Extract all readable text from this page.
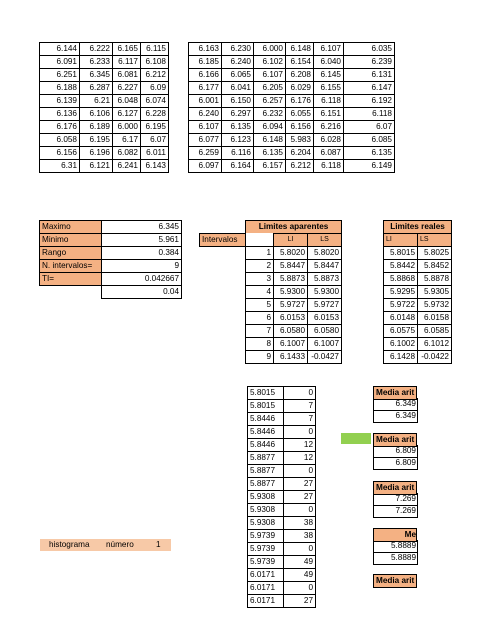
6.144	6.222	6.165	6.115		6.163	6.230	6.000	6.148	6.107	6.035
6.091	6.233	6.117	6.108		6.185	6.240	6.102	6.154	6.040	6.239
6.251	6.345	6.081	6.212		6.166	6.065	6.107	6.208	6.145	6.131
6.188	6.287	6.227	6.09		6.177	6.041	6.205	6.029	6.155	6.147
6.139	6.21	6.048	6.074		6.001	6.150	6.257	6.176	6.118	6.192
6.136	6.106	6.127	6.228		6.240	6.297	6.232	6.055	6.151	6.118
6.176	6.189	6.000	6.195		6.107	6.135	6.094	6.156	6.216	6.07
6.058	6.195	6.17	6.07		6.077	6.123	6.148	5.983	6.028	6.085
6.156	6.196	6.082	6.011		6.259	6.116	6.135	6.204	6.087	6.135
6.31	6.121	6.241	6.143		6.097	6.164	6.157	6.212	6.118	6.149
Maximo	6.345
Minimo	5.961
Rango	0.384
N. intervalos=	9
TI=	0.042667
	0.04

	Limites aparentes					Limites reales	
Intervalos		LI	LS			LI	LS
	1	5.8020	5.8020			5.8015	5.8025
	2	5.8447	5.8447			5.8442	5.8452
	3	5.8873	5.8873			5.8868	5.8878
	4	5.9300	5.9300			5.9295	5.9305
	5	5.9727	5.9727			5.9722	5.9732
	6	6.0153	6.0153			6.0148	6.0158
	7	6.0580	6.0580			6.0575	6.0585
	8	6.1007	6.1007			6.1002	6.1012
	9	6.1433	-0.0427			6.1428	-0.0422
histograma número	1
5.8015	0
5.8015	7
5.8446	7
5.8446	0
5.8446	12
5.8877	12
5.8877	0
5.8877	27
5.9308	27
5.9308	0
5.9308	38
5.9739	38
5.9739	0
5.9739	49
6.0171	49
6.0171	0
6.0171	27
Media arit
6.349
6.349
Media arit
6.809
6.809
Media arit
7.269
7.269
Me
5.8889
5.8889
Media arit
